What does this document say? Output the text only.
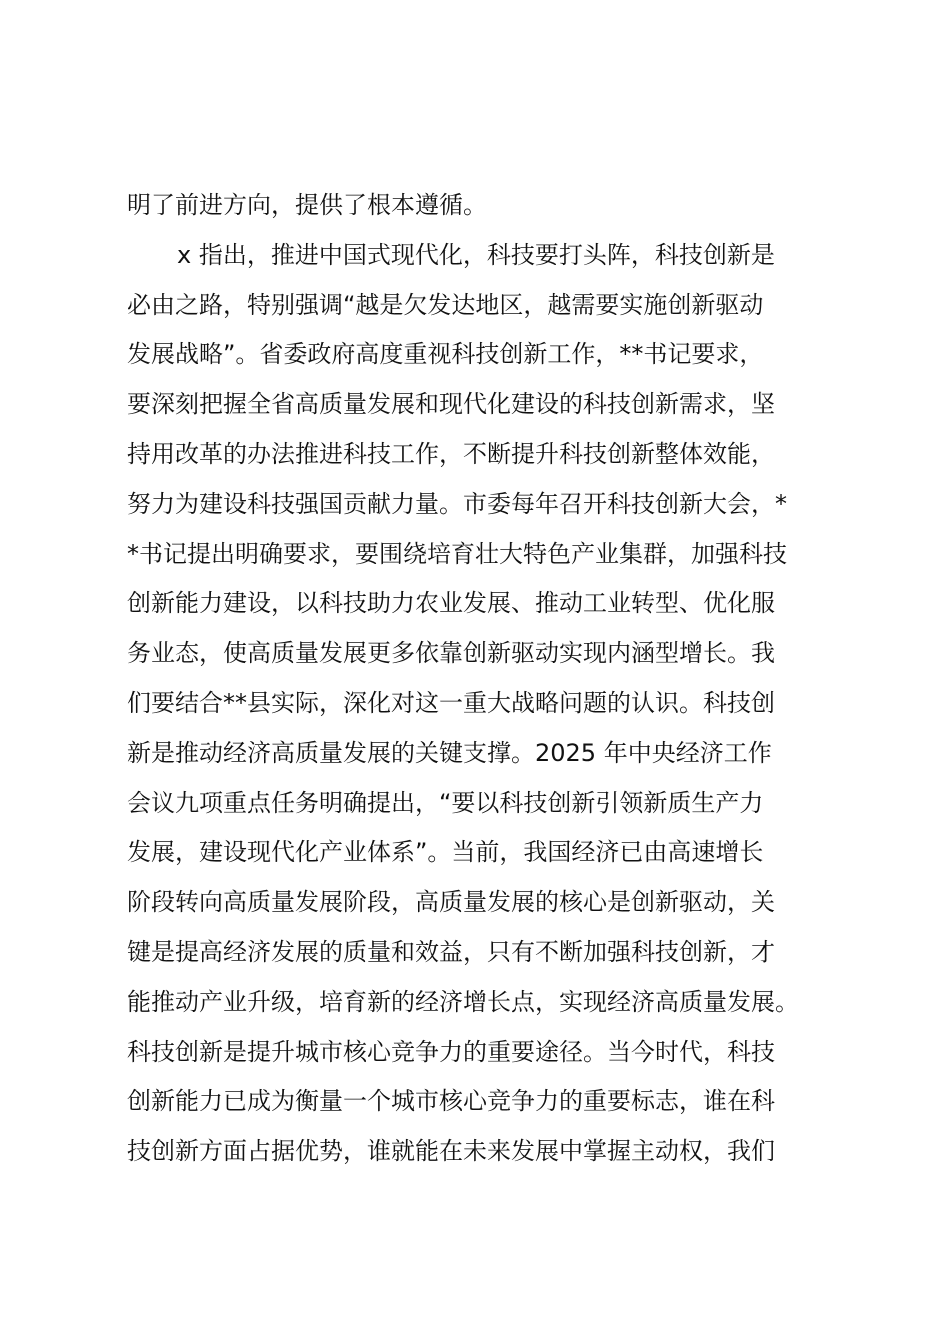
明了前进方向，提供了根本遵循。
x 指出，推进中国式现代化，科技要打头阵，科技创新是
必由之路，特别强调“越是欠发达地区，越需要实施创新驱动
发展战略”。省委政府高度重视科技创新工作，**书记要求，
要深刻把握全省高质量发展和现代化建设的科技创新需求，坚
持用改革的办法推进科技工作，不断提升科技创新整体效能，
努力为建设科技强国贡献力量。市委每年召开科技创新大会，*
*书记提出明确要求，要围绕培育壮大特色产业集群，加强科技
创新能力建设，以科技助力农业发展、推动工业转型、优化服
务业态，使高质量发展更多依靠创新驱动实现内涵型增长。我
们要结合**县实际，深化对这一重大战略问题的认识。科技创
新是推动经济高质量发展的关键支撑。2025 年中央经济工作
会议九项重点任务明确提出，“要以科技创新引领新质生产力
发展，建设现代化产业体系”。当前，我国经济已由高速增长
阶段转向高质量发展阶段，高质量发展的核心是创新驱动，关
键是提高经济发展的质量和效益，只有不断加强科技创新，才
能推动产业升级，培育新的经济增长点，实现经济高质量发展。
科技创新是提升城市核心竞争力的重要途径。当今时代，科技
创新能力已成为衡量一个城市核心竞争力的重要标志，谁在科
技创新方面占据优势，谁就能在未来发展中掌握主动权，我们
